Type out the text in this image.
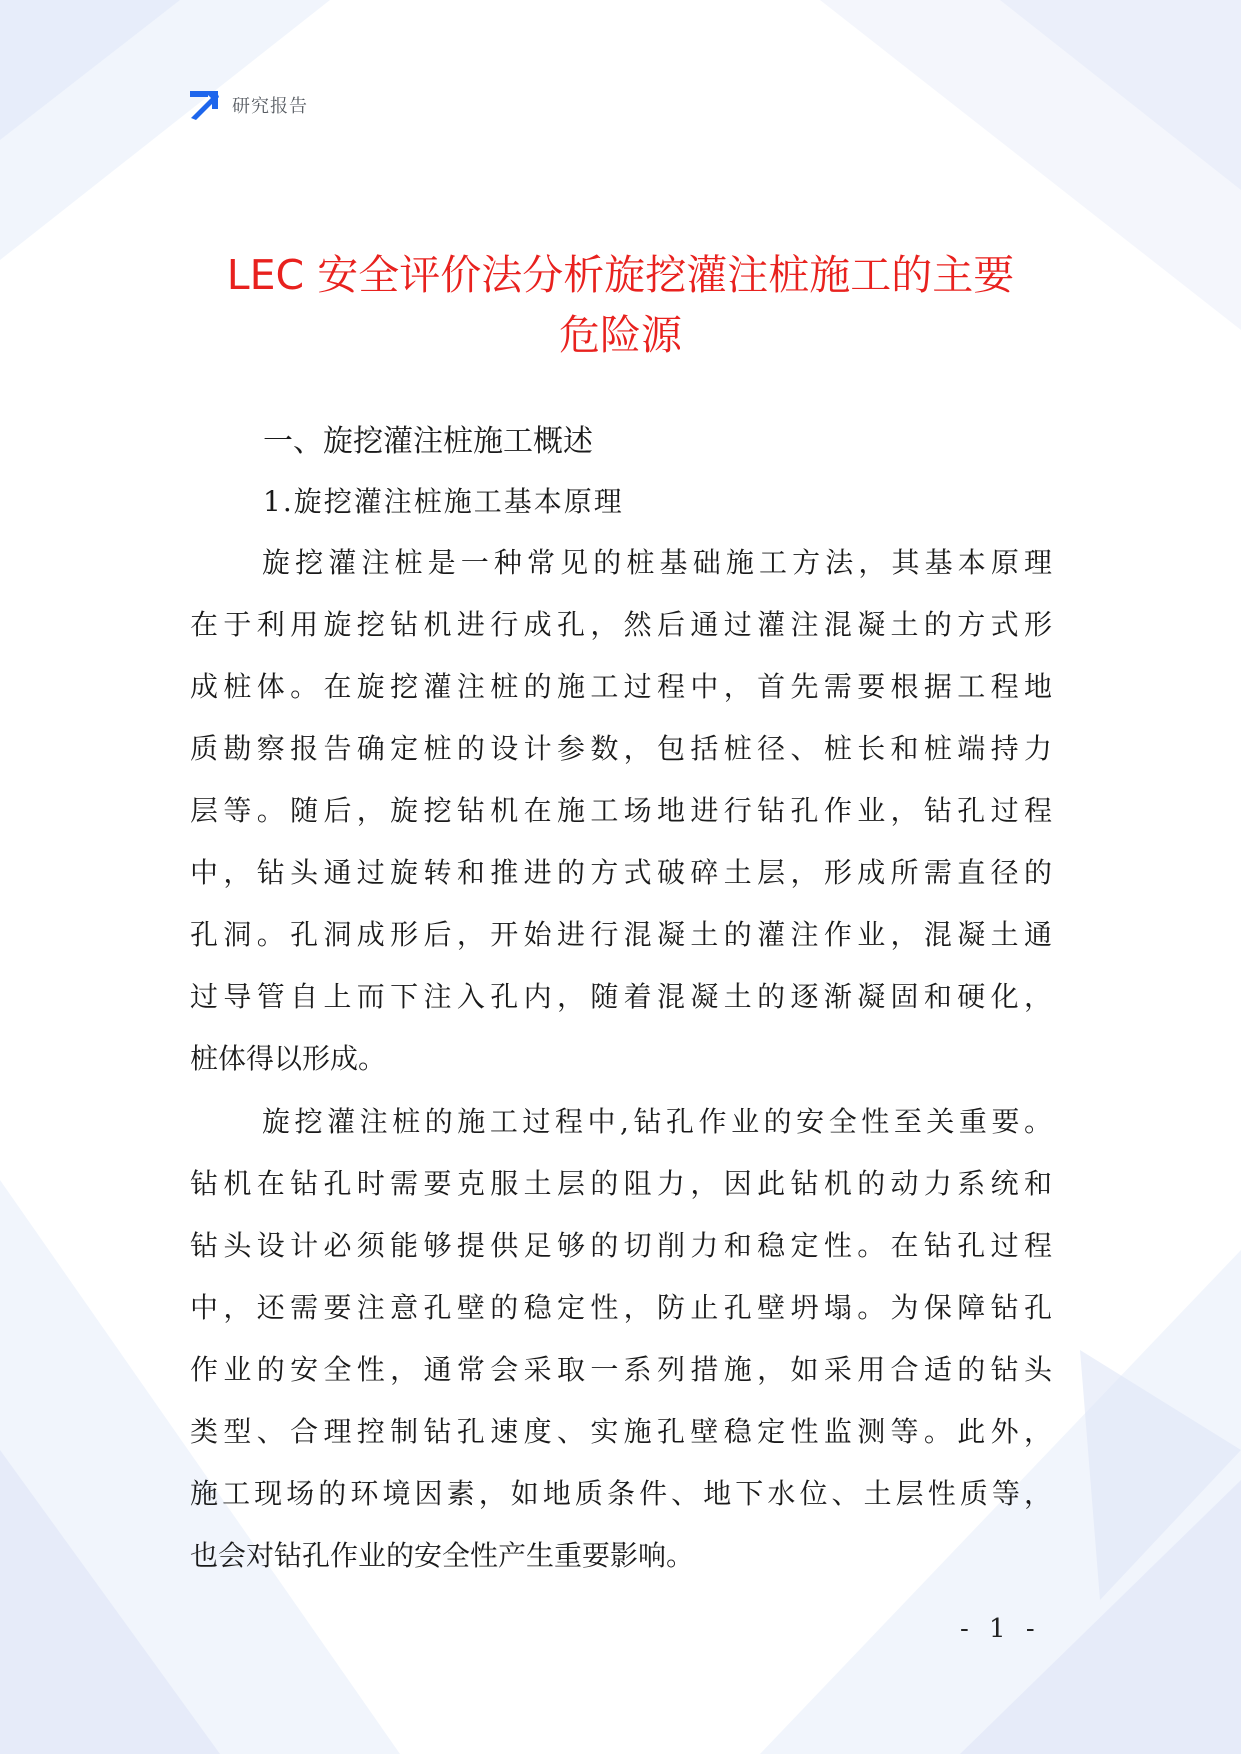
研究报告
LEC 安全评价法分析旋挖灌注桩施工的主要
危险源
一、旋挖灌注桩施工概述
1.旋挖灌注桩施工基本原理
旋挖灌注桩是一种常见的桩基础施工方法，其基本原理
在于利用旋挖钻机进行成孔，然后通过灌注混凝土的方式形
成桩体。在旋挖灌注桩的施工过程中，首先需要根据工程地
质勘察报告确定桩的设计参数，包括桩径、桩长和桩端持力
层等。随后，旋挖钻机在施工场地进行钻孔作业，钻孔过程
中，钻头通过旋转和推进的方式破碎土层，形成所需直径的
孔洞。孔洞成形后，开始进行混凝土的灌注作业，混凝土通
过导管自上而下注入孔内，随着混凝土的逐渐凝固和硬化，
桩体得以形成。
旋挖灌注桩的施工过程中,钻孔作业的安全性至关重要。
钻机在钻孔时需要克服土层的阻力，因此钻机的动力系统和
钻头设计必须能够提供足够的切削力和稳定性。在钻孔过程
中，还需要注意孔壁的稳定性，防止孔壁坍塌。为保障钻孔
作业的安全性，通常会采取一系列措施，如采用合适的钻头
类型、合理控制钻孔速度、实施孔壁稳定性监测等。此外，
施工现场的环境因素，如地质条件、地下水位、土层性质等，
也会对钻孔作业的安全性产生重要影响。
- 1 -
